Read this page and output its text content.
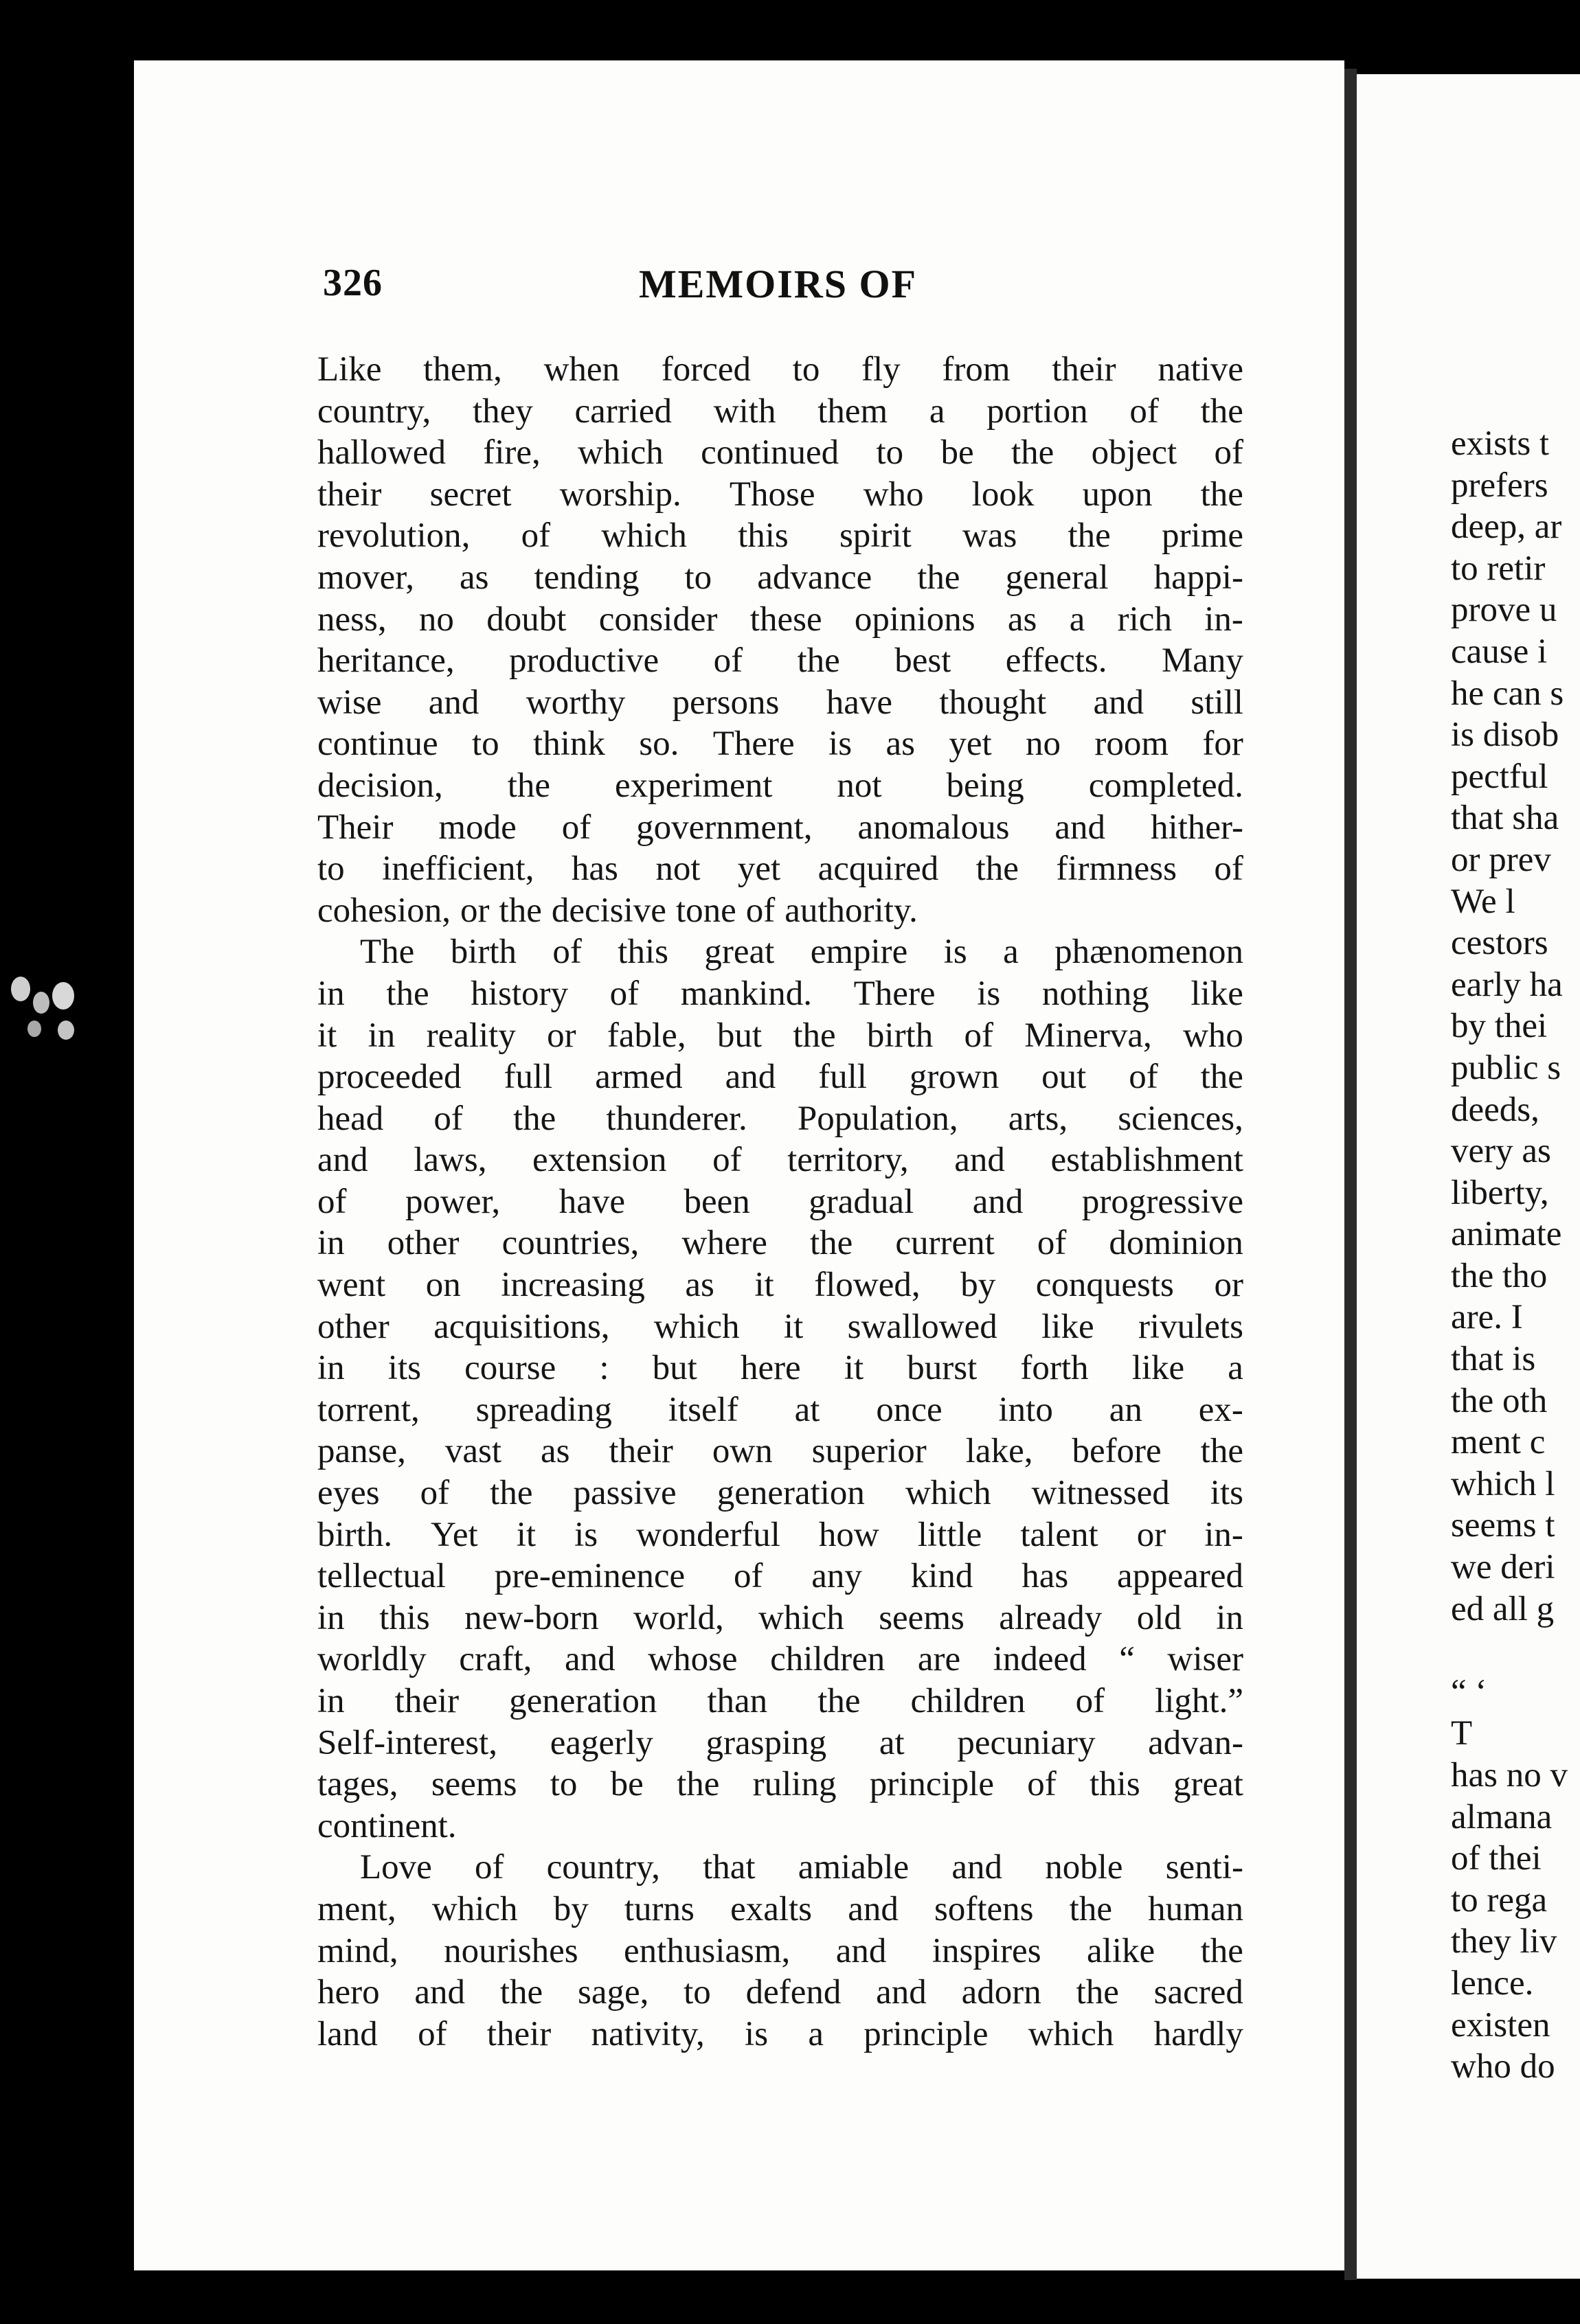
exists t
prefers
deep, ar
to retir
prove u
cause i
he can s
is disob
pectful
that sha
or prev
We l
cestors
early ha
by thei
public s
deeds,
very as
liberty,
animate
the tho
are. I
that is
the oth
ment c
which l
seems t
we deri
ed all g
“ ‘
T
has no v
almana
of thei
to rega
they liv
lence.
existen
who do
326	MEMOIRS OF
Like them, when forced to fly from their native
country, they carried with them a portion of the
hallowed fire, which continued to be the object of
their secret worship. Those who look upon the
revolution, of which this spirit was the prime
mover, as tending to advance the general happi-
ness, no doubt consider these opinions as a rich in-
heritance, productive of the best effects. Many
wise and worthy persons have thought and still
continue to think so. There is as yet no room for
decision, the experiment not being completed.
Their mode of government, anomalous and hither-
to inefficient, has not yet acquired the firmness of
cohesion, or the decisive tone of authority.
The birth of this great empire is a phænomenon
in the history of mankind. There is nothing like
it in reality or fable, but the birth of Minerva, who
proceeded full armed and full grown out of the
head of the thunderer. Population, arts, sciences,
and laws, extension of territory, and establishment
of power, have been gradual and progressive
in other countries, where the current of dominion
went on increasing as it flowed, by conquests or
other acquisitions, which it swallowed like rivulets
in its course : but here it burst forth like a
torrent, spreading itself at once into an ex-
panse, vast as their own superior lake, before the
eyes of the passive generation which witnessed its
birth. Yet it is wonderful how little talent or in-
tellectual pre-eminence of any kind has appeared
in this new-born world, which seems already old in
worldly craft, and whose children are indeed “ wiser
in their generation than the children of light.”
Self-interest, eagerly grasping at pecuniary advan-
tages, seems to be the ruling principle of this great
continent.
Love of country, that amiable and noble senti-
ment, which by turns exalts and softens the human
mind, nourishes enthusiasm, and inspires alike the
hero and the sage, to defend and adorn the sacred
land of their nativity, is a principle which hardly
